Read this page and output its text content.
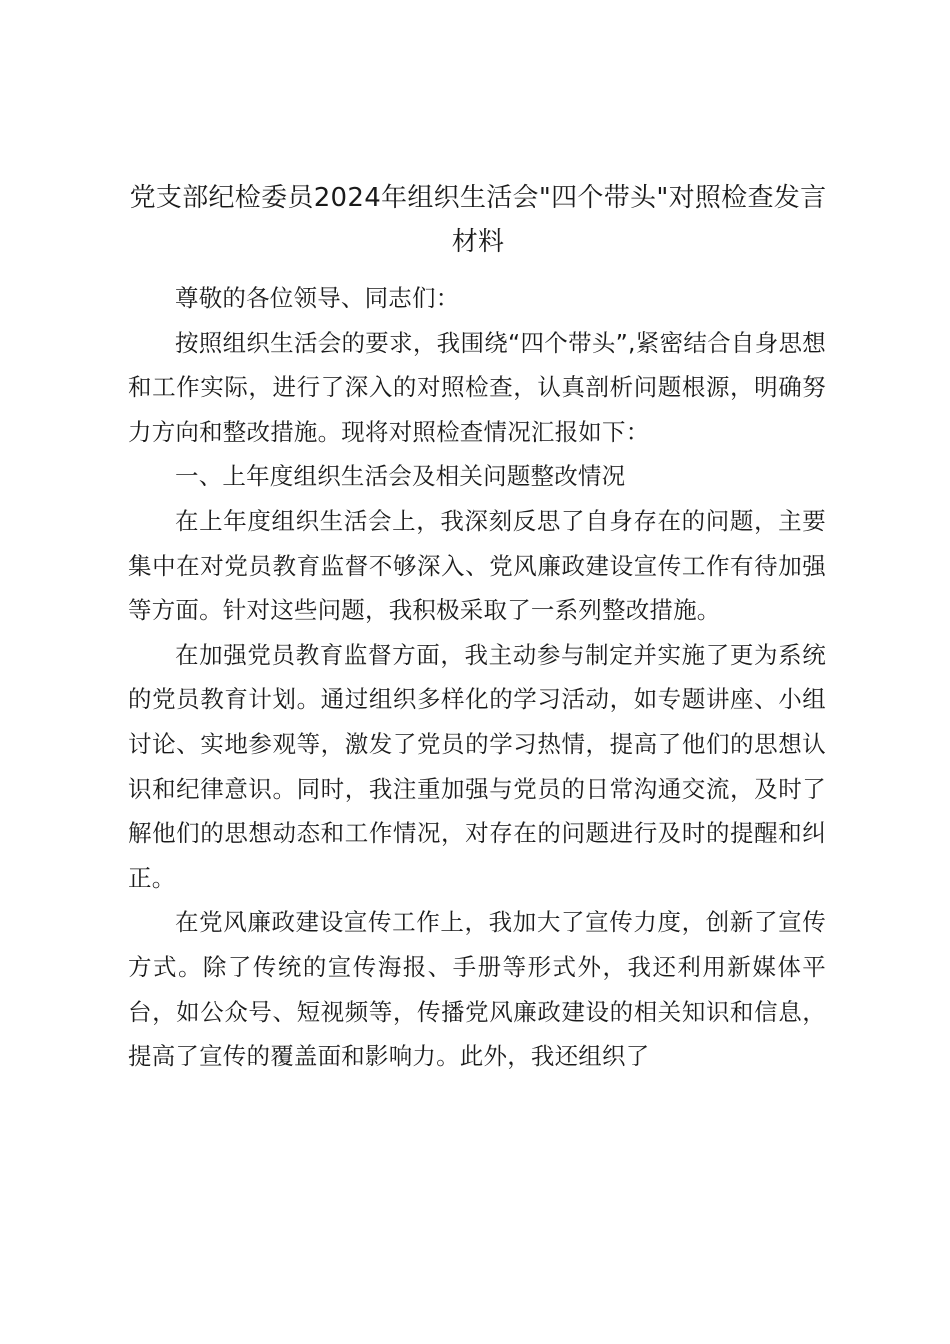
党支部纪检委员2024年组织生活会"四个带头"对照检查发言材料

尊敬的各位领导、同志们：

按照组织生活会的要求，我围绕“四个带头”,紧密结合自身思想和工作实际，进行了深入的对照检查，认真剖析问题根源，明确努力方向和整改措施。现将对照检查情况汇报如下：

一、上年度组织生活会及相关问题整改情况

在上年度组织生活会上，我深刻反思了自身存在的问题，主要集中在对党员教育监督不够深入、党风廉政建设宣传工作有待加强等方面。针对这些问题，我积极采取了一系列整改措施。

在加强党员教育监督方面，我主动参与制定并实施了更为系统的党员教育计划。通过组织多样化的学习活动，如专题讲座、小组讨论、实地参观等，激发了党员的学习热情，提高了他们的思想认识和纪律意识。同时，我注重加强与党员的日常沟通交流，及时了解他们的思想动态和工作情况，对存在的问题进行及时的提醒和纠正。

在党风廉政建设宣传工作上，我加大了宣传力度，创新了宣传方式。除了传统的宣传海报、手册等形式外，我还利用新媒体平台，如公众号、短视频等，传播党风廉政建设的相关知识和信息，提高了宣传的覆盖面和影响力。此外，我还组织了
